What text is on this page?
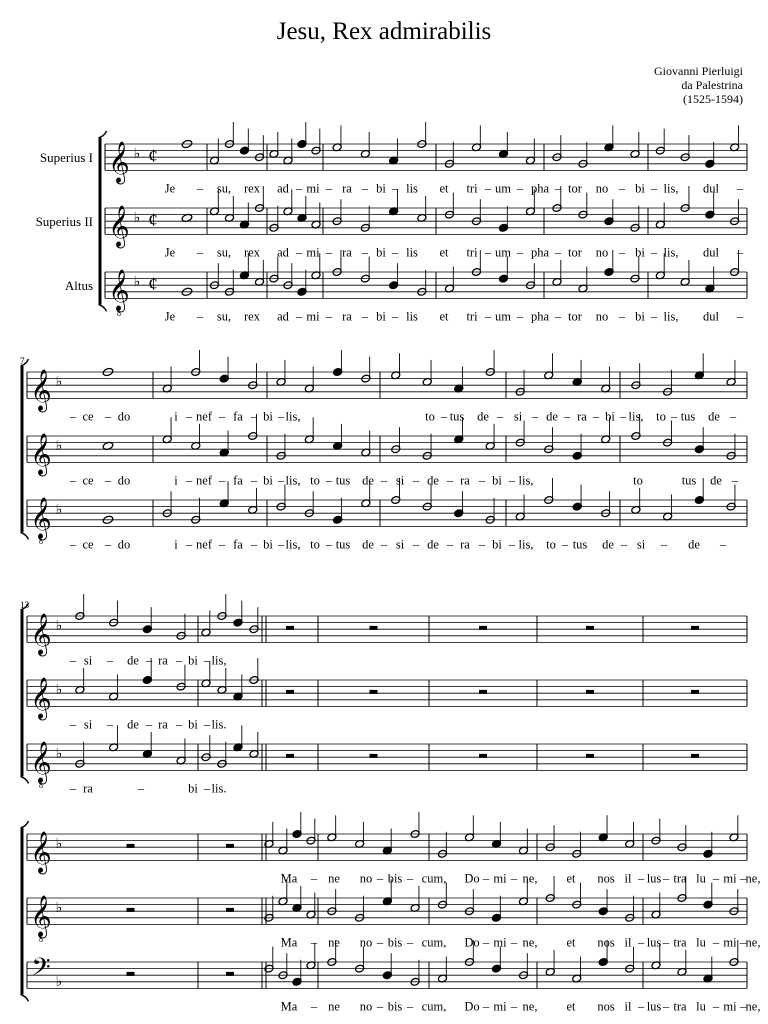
Jesu, Rex admirabilis
Giovanni Pierluigi
da Palestrina
(1525-1594)
𝄞 ♭ ¢
Superius I
Je – su, rex ad – mi – ra – bi – lis et tri – um – pha – tor no – bi – lis, dul –
𝄞 ♭ ¢
Superius II
Je – su, rex ad – mi – ra – bi – lis et tri – um – pha – tor no – bi – lis, dul –
𝄞
8
♭ ¢
Altus
Je – su, rex ad – mi – ra – bi – lis et tri – um – pha – tor no – bi – lis, dul –
7
𝄞 ♭
– ce – do	i – nef – fa – bi – lis,	to – tus de – si – de – ra – bi – lis, to – tus de –
𝄞 ♭
– ce – do	i – nef – fa – bi – lis, to – tus de – si – de – ra – bi – lis,	to	tus de –
𝄞
8
♭
– ce – do	i – nef – fa – bi – lis, to – tus de – si – de – ra – bi – lis, to – tus de – si – de –
13
𝄞 ♭
– si – de – ra – bi – lis,
𝄞 ♭
– si – de – ra – bi – lis.
𝄞
8
♭
– ra	–	bi – lis.
𝄞 ♭
Ma – ne no – bis – cum, Do – mi – ne, et nos il – lus – tra lu – mi – ne,
𝄞
8
♭
Ma – ne no – bis – cum, Do – mi – ne, et nos il – lus – tra lu – mi – ne,
𝄢 ♭
Ma – ne no – bis – cum, Do – mi – ne, et nos il – lus – tra lu – mi – ne,
